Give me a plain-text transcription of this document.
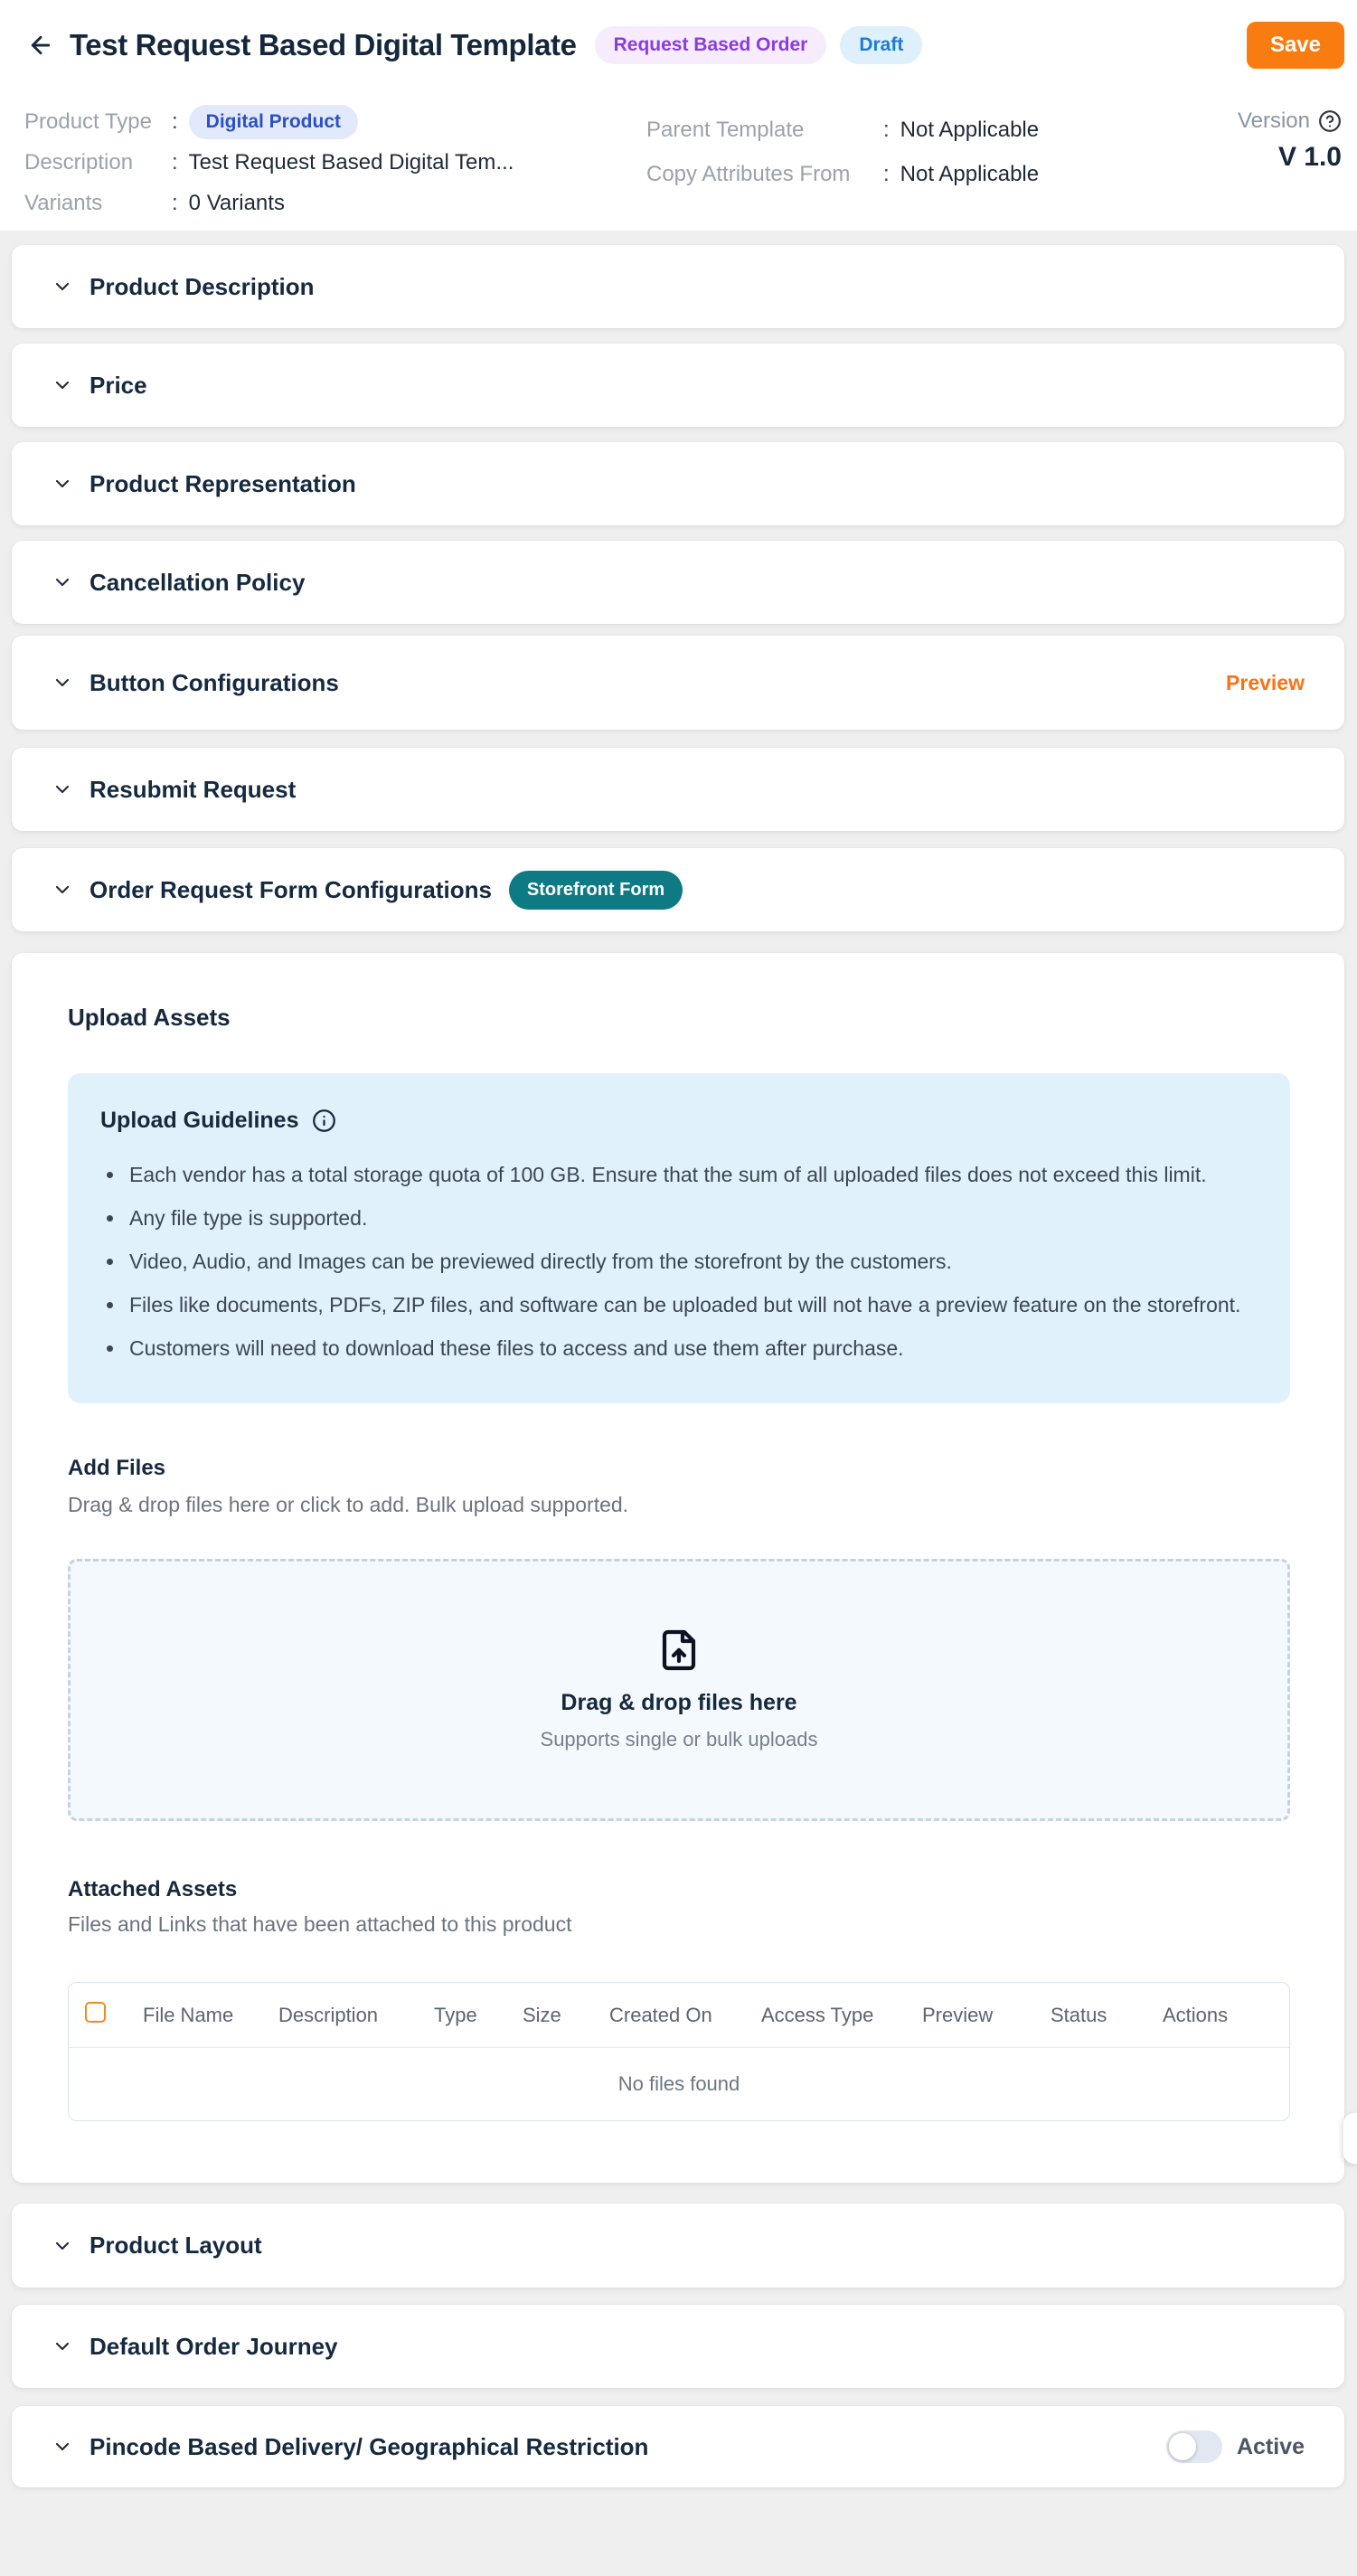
Test Request Based Digital Template	Request Based Order	Draft	Save
Product Type :	Digital Product
Description	: Test Request Based Digital Tem...
Variants	: 0 Variants
Parent Template	: Not Applicable
Copy Attributes From	: Not Applicable
Version
V 1.0
Product Description
Price
Product Representation
Cancellation Policy
Button Configurations	Preview
Resubmit Request
Order Request Form Configurations	Storefront Form
Upload Assets
Upload Guidelines
• Each vendor has a total storage quota of 100 GB. Ensure that the sum of all uploaded files does not exceed this limit.
• Any file type is supported.
• Video, Audio, and Images can be previewed directly from the storefront by the customers.
• Files like documents, PDFs, ZIP files, and software can be uploaded but will not have a preview feature on the storefront.
• Customers will need to download these files to access and use them after purchase.
Add Files

Drag & drop files here or click to add. Bulk upload supported.

Drag & drop files here

Supports single or bulk uploads

Attached Assets

Files and Links that have been attached to this product

File Name	Description	Type	Size	Created On	Access Type	Preview	Status	Actions
No files found
Product Layout
Default Order Journey
Pincode Based Delivery/ Geographical Restriction	Active
